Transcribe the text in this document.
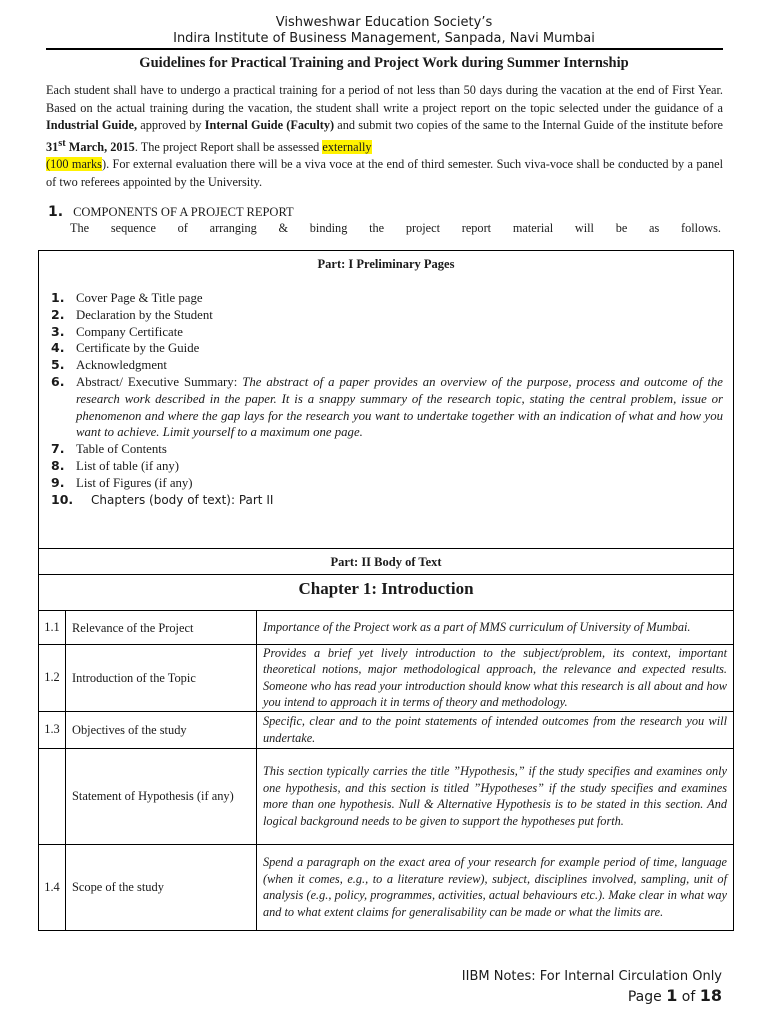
Vishweshwar Education Society’s
Indira Institute of Business Management, Sanpada, Navi Mumbai
Guidelines for Practical Training and Project Work during Summer Internship
Each student shall have to undergo a practical training for a period of not less than 50 days during the vacation at the end of First Year. Based on the actual training during the vacation, the student shall write a project report on the topic selected under the guidance of a Industrial Guide, approved by Internal Guide (Faculty) and submit two copies of the same to the Internal Guide of the institute before 31st March, 2015. The project Report shall be assessed externally
(100 marks). For external evaluation there will be a viva voce at the end of third semester. Such viva-voce shall be conducted by a panel of two referees appointed by the University.
1. COMPONENTS OF A PROJECT REPORT
The sequence of arranging & binding the project report material will be as follows.
Part: I Preliminary Pages
1. Cover Page & Title page
2. Declaration by the Student
3. Company Certificate
4. Certificate by the Guide
5. Acknowledgment
6. Abstract/ Executive Summary: The abstract of a paper provides an overview of the purpose, process and outcome of the research work described in the paper. It is a snappy summary of the research topic, stating the central problem, issue or phenomenon and where the gap lays for the research you want to undertake together with an indication of what and how you want to achieve. Limit yourself to a maximum one page.
7. Table of Contents
8. List of table (if any)
9. List of Figures (if any)
10.	Chapters (body of text): Part II
Part: II Body of Text
Chapter 1: Introduction
1.1	Relevance of the Project	Importance of the Project work as a part of MMS curriculum of University of Mumbai.
1.2	Introduction of the Topic	Provides a brief yet lively introduction to the subject/problem, its context, important theoretical notions, major methodological approach, the relevance and expected results. Someone who has read your introduction should know what this research is all about and how you intend to approach it in terms of theory and methodology.
1.3	Objectives of the study	Specific, clear and to the point statements of intended outcomes from the research you will undertake.
	Statement of Hypothesis (if any)	This section typically carries the title ”Hypothesis,” if the study specifies and examines only one hypothesis, and this section is titled ”Hypotheses” if the study specifies and examines more than one hypothesis. Null & Alternative Hypothesis is to be stated in this section. And logical background needs to be given to support the hypotheses put forth.
1.4	Scope of the study	Spend a paragraph on the exact area of your research for example period of time, language (when it comes, e.g., to a literature review), subject, disciplines involved, sampling, unit of analysis (e.g., policy, programmes, activities, actual behaviours etc.). Make clear in what way and to what extent claims for generalisability can be made or what the limits are.
IIBM Notes: For Internal Circulation Only
Page 1 of 18
